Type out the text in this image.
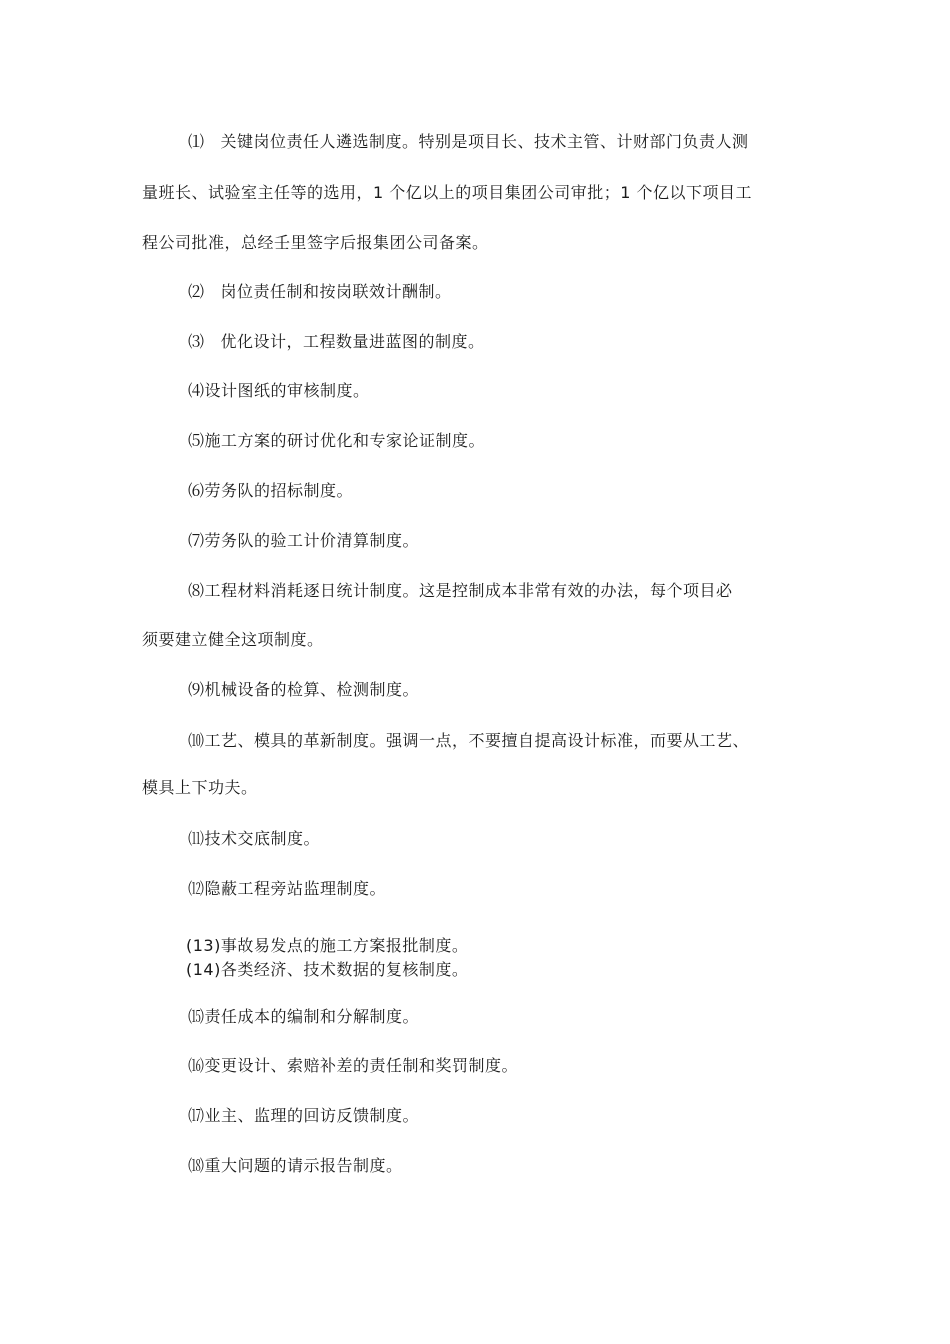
⑴ 关键岗位责任人遴选制度。特别是项目长、技术主管、计财部门负责人测
量班长、试验室主任等的选用，1 个亿以上的项目集团公司审批；1 个亿以下项目工
程公司批准，总经壬里签字后报集团公司备案。
⑵ 岗位责任制和按岗联效计酬制。
⑶ 优化设计，工程数量进蓝图的制度。
⑷设计图纸的审核制度。
⑸施工方案的研讨优化和专家论证制度。
⑹劳务队的招标制度。
⑺劳务队的验工计价清算制度。
⑻工程材料消耗逐日统计制度。这是控制成本非常有效的办法，每个项目必
须要建立健全这项制度。
⑼机械设备的检算、检测制度。
⑽工艺、模具的革新制度。强调一点，不要擅自提高设计标准，而要从工艺、
模具上下功夫。
⑾技术交底制度。
⑿隐蔽工程旁站监理制度。
(13)事故易发点的施工方案报批制度。
(14)各类经济、技术数据的复核制度。
⒂责任成本的编制和分解制度。
⒃变更设计、索赔补差的责任制和奖罚制度。
⒄业主、监理的回访反馈制度。
⒅重大问题的请示报告制度。
